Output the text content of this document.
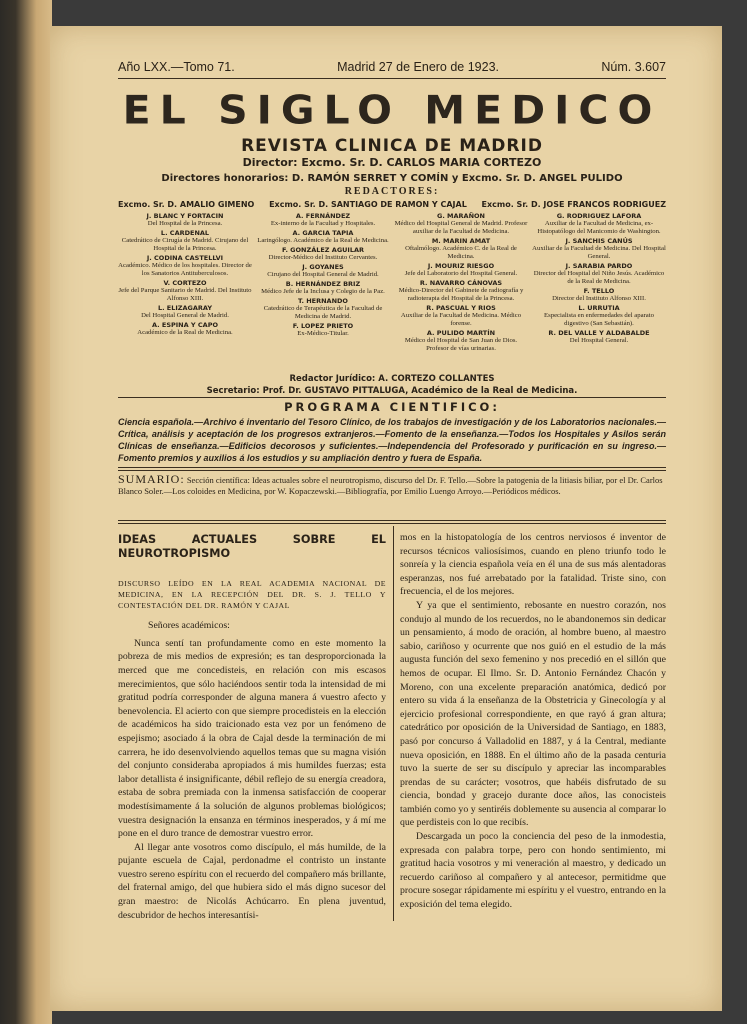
Año LXX.—Tomo 71.	Madrid 27 de Enero de 1923.	Núm. 3.607
EL SIGLO MEDICO
REVISTA CLINICA DE MADRID
Director: Excmo. Sr. D. CARLOS MARIA CORTEZO
Directores honorarios: D. RAMÓN SERRET Y COMÍN y Excmo. Sr. D. ANGEL PULIDO
REDACTORES:
Excmo. Sr. D. AMALIO GIMENO Excmo. Sr. D. SANTIAGO DE RAMON Y CAJAL Excmo. Sr. D. JOSE FRANCOS RODRIGUEZ
J. BLANC Y FORTACIN
Del Hospital de la Princesa.
L. CARDENAL
Catedrático de Cirugía de Madrid. Cirujano del Hospital de la Princesa.
J. CODINA CASTELLVI
Académico. Médico de los hospitales. Director de los Sanatorios Antituberculosos.
V. CORTEZO
Jefe del Parque Sanitario de Madrid. Del Instituto Alfonso XIII.
L. ELIZAGARAY
Del Hospital General de Madrid.
A. ESPINA Y CAPO
Académico de la Real de Medicina.
A. FERNÁNDEZ
Ex-interno de la Facultad y Hospitales.
A. GARCIA TAPIA
Laringólogo. Académico de la Real de Medicina.
F. GONZÁLEZ AGUILAR
Director-Médico del Instituto Cervantes.
J. GOYANES
Cirujano del Hospital General de Madrid.
B. HERNÁNDEZ BRIZ
Médico Jefe de la Inclusa y Colegio de la Paz.
T. HERNANDO
Catedrático de Terapéutica de la Facultad de Medicina de Madrid.
F. LOPEZ PRIETO
Ex-Médico-Titular.
G. MARAÑON
Médico del Hospital General de Madrid. Profesor auxiliar de la Facultad de Medicina.
M. MARIN AMAT
Oftalmólogo. Académico C. de la Real de Medicina.
J. MOURIZ RIESGO
Jefe del Laboratorio del Hospital General.
R. NAVARRO CÁNOVAS
Médico-Director del Gabinete de radiografía y radioterapia del Hospital de la Princesa.
R. PASCUAL Y RIOS
Auxiliar de la Facultad de Medicina. Médico forense.
A. PULIDO MARTÍN
Médico del Hospital de San Juan de Dios. Profesor de vías urinarias.
G. RODRIGUEZ LAFORA
Auxiliar de la Facultad de Medicina, ex-Histopatólogo del Manicomio de Washington.
J. SANCHIS CANÚS
Auxiliar de la Facultad de Medicina. Del Hospital General.
J. SARABIA PARDO
Director del Hospital del Niño Jesús. Académico de la Real de Medicina.
F. TELLO
Director del Instituto Alfonso XIII.
L. URRUTIA
Especialista en enfermedades del aparato digestivo (San Sebastián).
R. DEL VALLE Y ALDABALDE
Del Hospital General.
Redactor Jurídico: A. CORTEZO COLLANTES
Secretario: Prof. Dr. GUSTAVO PITTALUGA, Académico de la Real de Medicina.
PROGRAMA CIENTIFICO:
Ciencia española.—Archivo é inventario del Tesoro Clínico, de los trabajos de investigación y de los Laboratorios nacionales.—Crítica, análisis y aceptación de los progresos extranjeros.—Fomento de la enseñanza.—Todos los Hospitales y Asilos serán Clínicas de enseñanza.—Edificios decorosos y suficientes.—Independencia del Profesorado y purificación en su ingreso.—Fomento premios y auxilios á los estudios y su ampliación dentro y fuera de España.
SUMARIO: Sección científica: Ideas actuales sobre el neurotropismo, discurso del Dr. F. Tello.—Sobre la patogenia de la litiasis biliar, por el Dr. Carlos Blanco Soler.—Los coloides en Medicina, por W. Kopaczewski.—Bibliografía, por Emilio Luengo Arroyo.—Periódicos médicos.
IDEAS ACTUALES SOBRE EL NEUROTROPISMO
DISCURSO LEÍDO EN LA REAL ACADEMIA NACIONAL DE MEDICINA, EN LA RECEPCIÓN DEL DR. S. J. TELLO Y CONTESTACIÓN DEL DR. RAMÓN Y CAJAL

Señores académicos:

Nunca sentí tan profundamente como en este momento la pobreza de mis medios de expresión; es tan desproporcionada la merced que me concedisteis, en relación con mis escasos merecimientos, que sólo haciéndoos sentir toda la intensidad de mi gratitud podría corresponder de alguna manera á vuestro afecto y benevolencia. El acierto con que siempre procedisteis en la elección de académicos ha sido traicionado esta vez por un fenómeno de espejismo; asociado á la obra de Cajal desde la terminación de mi carrera, he ido desenvolviendo aquellos temas que su magna visión del conjunto consideraba apropiados á mis humildes fuerzas; esta labor detallista é insignificante, débil reflejo de su energía creadora, estaba de sobra premiada con la inmensa satisfacción de cooperar modestísimamente á la solución de algunos problemas biológicos; vuestra designación la ensanza en términos inesperados, y á mí me pone en el duro trance de demostrar vuestro error.

Al llegar ante vosotros como discípulo, el más humilde, de la pujante escuela de Cajal, perdonadme el contristo un instante vuestro sereno espíritu con el recuerdo del compañero más brillante, del fraternal amigo, del que hubiera sido el más digno sucesor del gran maestro: de Nicolás Achúcarro. En plena juventud, descubridor de hechos interesantísi-

mos en la histopatología de los centros nerviosos é inventor de recursos técnicos valiosísimos, cuando en pleno triunfo todo le sonreía y la ciencia española veía en él una de sus más alentadoras esperanzas, nos fué arrebatado por la fatalidad. Triste sino, con frecuencia, el de los mejores.

Y ya que el sentimiento, rebosante en nuestro corazón, nos condujo al mundo de los recuerdos, no le abandonemos sin dedicar un pensamiento, á modo de oración, al hombre bueno, al maestro sabio, cariñoso y ocurrente que nos guió en el estudio de la más augusta función del sexo femenino y nos precedió en el sillón que hemos de ocupar. El Ilmo. Sr. D. Antonio Fernández Chacón y Moreno, con una excelente preparación anatómica, dedicó por entero su vida á la enseñanza de la Obstetricia y Ginecología y al ejercicio profesional correspondiente, en que rayó á gran altura; catedrático por oposición de la Universidad de Santiago, en 1883, pasó por concurso á Valladolid en 1887, y á la Central, mediante nueva oposición, en 1888. En el último año de la pasada centuria tuvo la suerte de ser su discípulo y apreciar las incomparables prendas de su carácter; vosotros, que habéis disfrutado de su ciencia, bondad y gracejo durante doce años, las conocisteis también como yo y sentiréis doblemente su ausencia al comparar lo que perdisteis con lo que recibís.

Descargada un poco la conciencia del peso de la inmodestia, expresada con palabra torpe, pero con hondo sentimiento, mi gratitud hacia vosotros y mi veneración al maestro, y dedicado un recuerdo cariñoso al compañero y al antecesor, permitidme que procure sosegar rápidamente mi espíritu y el vuestro, entrando en la exposición del tema elegido.
